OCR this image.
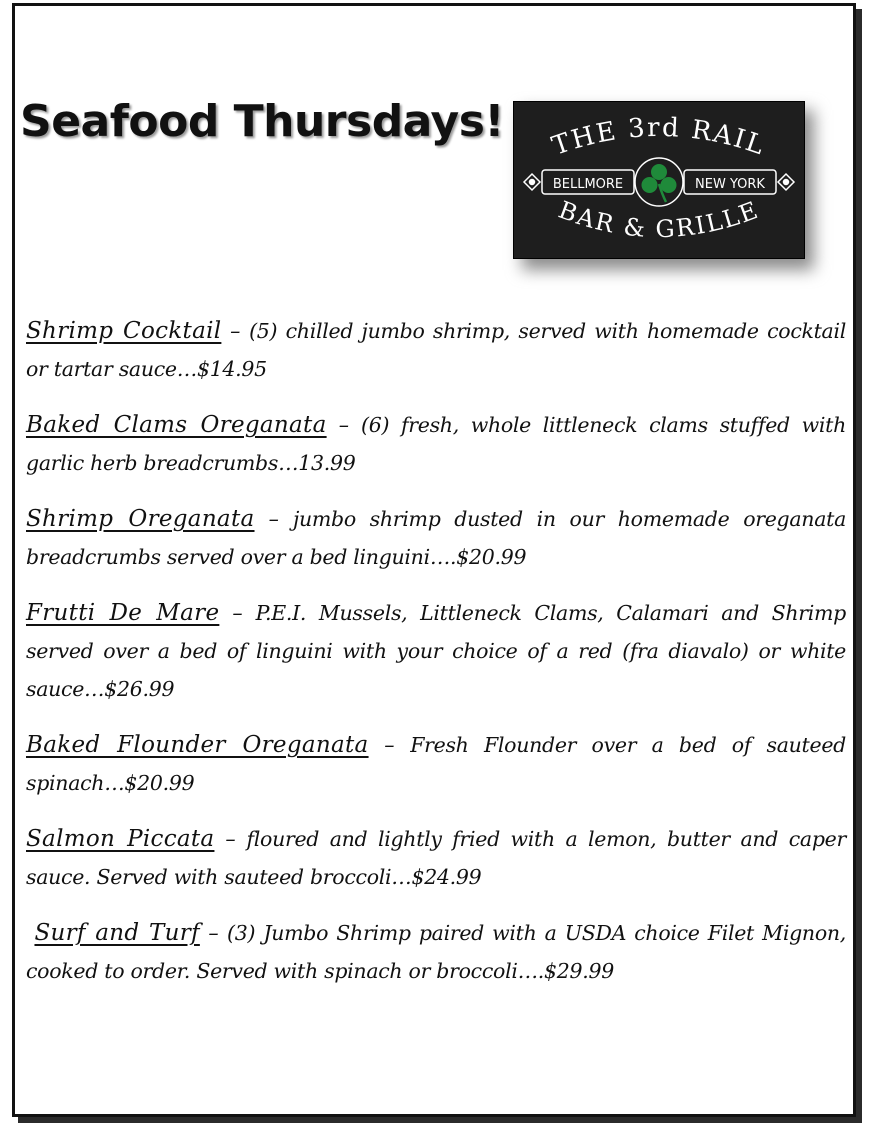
Seafood Thursdays! THE 3rd RAIL
BAR & GRILLE
BELLMORE	NEW YORK

Shrimp Cocktail – (5) chilled jumbo shrimp, served with homemade cocktail or tartar sauce…$14.95

Baked Clams Oreganata – (6) fresh, whole littleneck clams stuffed with garlic herb breadcrumbs…13.99

Shrimp Oreganata – jumbo shrimp dusted in our homemade oreganata breadcrumbs served over a bed linguini….$20.99

Frutti De Mare – P.E.I. Mussels, Littleneck Clams, Calamari and Shrimp served over a bed of linguini with your choice of a red (fra diavalo) or white sauce…$26.99

Baked Flounder Oreganata – Fresh Flounder over a bed of sauteed spinach…$20.99

Salmon Piccata – floured and lightly fried with a lemon, butter and caper sauce. Served with sauteed broccoli…$24.99

Surf and Turf – (3) Jumbo Shrimp paired with a USDA choice Filet Mignon, cooked to order. Served with spinach or broccoli….$29.99
